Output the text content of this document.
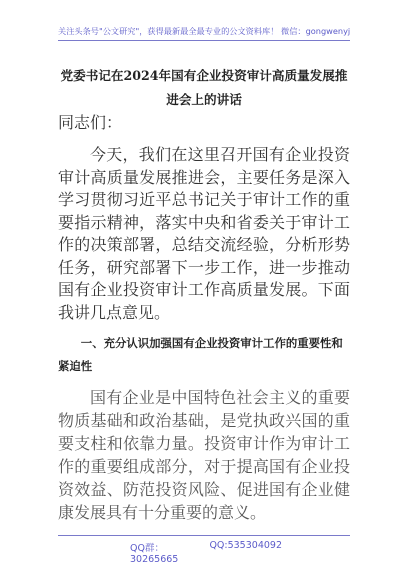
关注头条号"公文研究"，获得最新最全最专业的公文资料库！ 微信：gongwenyj
党委书记在2024年国有企业投资审计高质量发展推进会上的讲话

同志们：

今天，我们在这里召开国有企业投资审计高质量发展推进会，主要任务是深入学习贯彻习近平总书记关于审计工作的重要指示精神，落实中央和省委关于审计工作的决策部署，总结交流经验，分析形势任务，研究部署下一步工作，进一步推动国有企业投资审计工作高质量发展。下面我讲几点意见。

一、充分认识加强国有企业投资审计工作的重要性和紧迫性

国有企业是中国特色社会主义的重要物质基础和政治基础，是党执政兴国的重要支柱和依靠力量。投资审计作为审计工作的重要组成部分，对于提高国有企业投资效益、防范投资风险、促进国有企业健康发展具有十分重要的意义。

QQ群：30265665
QQ:535304092
